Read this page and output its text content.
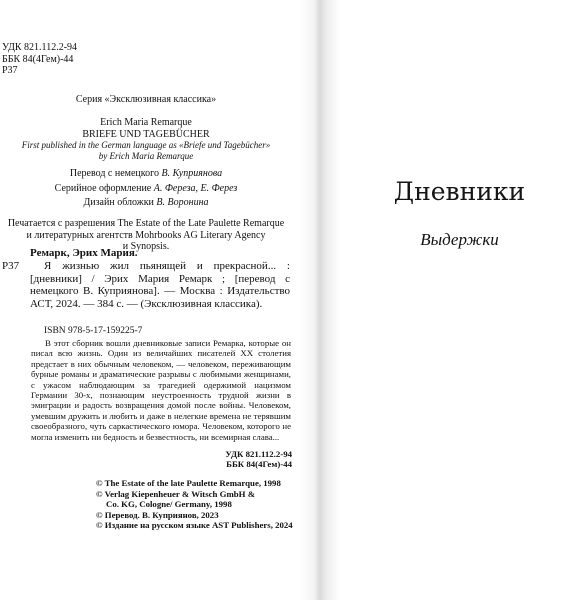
УДК 821.112.2-94
ББК 84(4Гем)-44
Р37
Серия «Эксклюзивная классика»
Erich Maria Remarque
BRIEFE UND TAGEBÜCHER
First published in the German language as «Briefe und Tagebücher»
by Erich Maria Remarque
Перевод с немецкого В. Куприянова
Серийное оформление А. Фереза, Е. Ферез
Дизайн обложки В. Воронина
Печатается с разрешения The Estate of the Late Paulette Remarque
и литературных агентств Mohrbooks AG Literary Agency
и Synopsis.
Ремарк, Эрих Мария.
Р37	Я жизнью жил пьянящей и прекрасной... : [дневники] / Эрих Мария Ремарк ; [перевод с немецкого В. Куприянова]. — Москва : Издательство АСТ, 2024. — 384 с. — (Эксклюзивная классика).
ISBN 978-5-17-159225-7
В этот сборник вошли дневниковые записи Ремарка, которые он писал всю жизнь. Один из величайших писателей XX столетия предстает в них обычным человеком, — человеком, переживающим бурные романы и драматические разрывы с любимыми женщинами, с ужасом наблюдающим за трагедией одержимой нацизмом Германии 30-х, познающим неустроенность трудной жизни в эмиграции и радость возвращения домой после войны. Человеком, умевшим дружить и любить и даже в нелегкие времена не терявшим своеобразного, чуть саркастического юмора. Человеком, которого не могла изменить ни бедность и безвестность, ни всемирная слава...
УДК 821.112.2-94
ББК 84(4Гем)-44
© The Estate of the late Paulette Remarque, 1998
© Verlag Kiepenheuer & Witsch GmbH &
Co. KG, Cologne/ Germany, 1998
© Перевод. В. Куприянов, 2023
© Издание на русском языке AST Publishers, 2024
Дневники
Выдержки
